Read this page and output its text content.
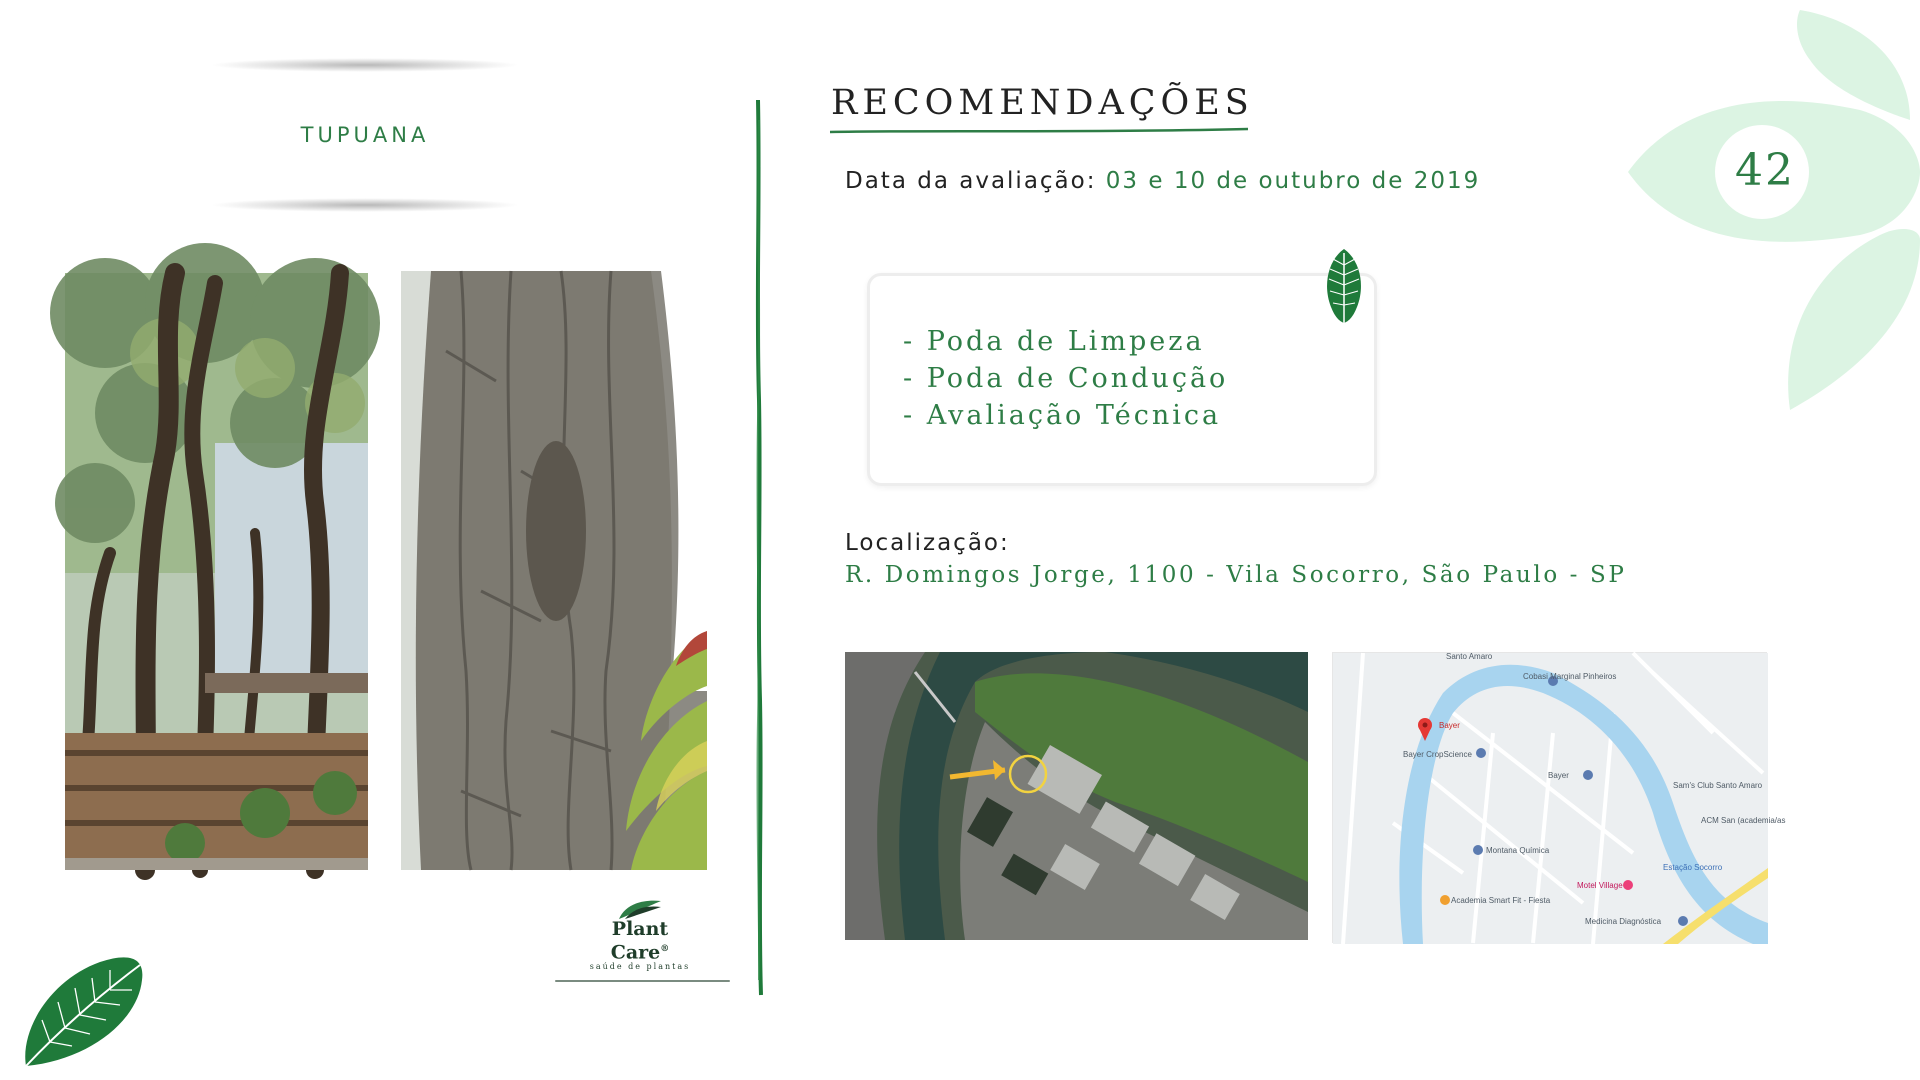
42
TUPUANA
Plant Care®
saúde de plantas
RECOMENDAÇÕES
Data da avaliação: 03 e 10 de outubro de 2019
- Poda de Limpeza
- Poda de Condução
- Avaliação Técnica
Localização:
R. Domingos Jorge, 1100 - Vila Socorro, São Paulo - SP
Santo Amaro
Cobasi Marginal Pinheiros
Bayer
Bayer CropScience
Bayer
Montana Química
Academia Smart Fit - Fiesta
Motel Village
Medicina Diagnóstica
Estação Socorro
Sam's Club Santo Amaro
ACM San (academia/as
